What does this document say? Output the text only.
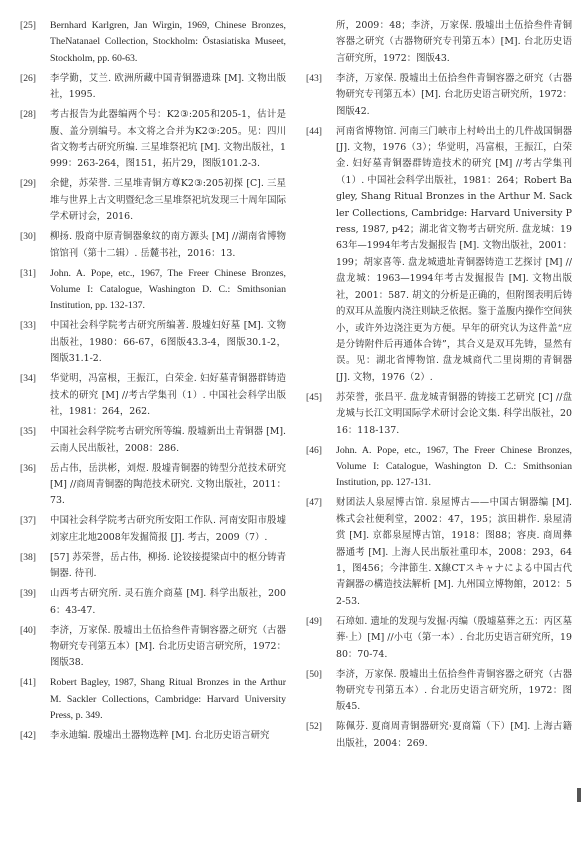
[25] Bernhard Karlgren, Jan Wirgin, 1969, Chinese Bronzes, TheNatanael Collection, Stockholm: Östasiatiska Museet, Stockholm, pp. 60-63.
[26] 李学勤，艾兰. 欧洲所藏中国青铜器遗珠 [M]. 文物出版社，1995.
[28] 考古报告为此器编两个号：K2③:205和205-1，估计是腹、盖分别编号。本文将之合并为K2③:205。见：四川省文物考古研究所编. 三星堆祭祀坑 [M]. 文物出版社，1999：263-264，图151，拓片29，图版101.2-3.
[29] 余健，苏荣誉. 三星堆青铜方尊K2③:205初探 [C]. 三星堆与世界上古文明暨纪念三星堆祭祀坑发现三十周年国际学术研讨会，2016.
[30] 柳扬. 殷商中原青铜器象纹的南方源头 [M] //湖南省博物馆馆刊（第十二辑）. 岳麓书社，2016：13.
[31] John. A. Pope, etc., 1967, The Freer Chinese Bronzes, Volume I: Catalogue, Washington D. C.: Smithsonian Institution, pp. 132-137.
[33] 中国社会科学院考古研究所编著. 殷墟妇好墓 [M]. 文物出版社，1980：66-67，6图版43.3-4，图版30.1-2，图版31.1-2.
[34] 华觉明，冯富根，王振江，白荣金. 妇好墓青铜器群铸造技术的研究 [M] //考古学集刊（1）. 中国社会科学出版社，1981：264，262.
[35] 中国社会科学院考古研究所等编. 殷墟新出土青铜器 [M]. 云南人民出版社，2008：286.
[36] 岳占伟，岳洪彬，刘煜. 殷墟青铜器的铸型分范技术研究 [M] //商周青铜器的陶范技术研究. 文物出版社，2011：73.
[37] 中国社会科学院考古研究所安阳工作队. 河南安阳市殷墟刘家庄北地2008年发掘简报 [J]. 考古，2009（7）.
[38] [57] 苏荣誉，岳占伟，柳扬. 论铰接提梁卣中的枢分铸青铜器. 待刊.
[39] 山西考古研究所. 灵石旌介商墓 [M]. 科学出版社，2006：43-47.
[40] 李济，万家保. 殷墟出土伍拾叁件青铜容器之研究（古器物研究专刊第五本）[M]. 台北历史语言研究所，1972：图版38.
[41] Robert Bagley, 1987, Shang Ritual Bronzes in the Arthur M. Sackler Collections, Cambridge: Harvard University Press, p. 349.
[42] 李永迪编. 殷墟出土器物选粹 [M]. 台北历史语言研究
所，2009：48；李济，万家保. 殷墟出土伍拾叁件青铜容器之研究（古器物研究专刊第五本）[M]. 台北历史语言研究所，1972：图版43.
[43] 李济，万家保. 殷墟出土伍拾叁件青铜容器之研究（古器物研究专刊第五本）[M]. 台北历史语言研究所，1972：图版42.
[44] 河南省博物馆. 河南三门峡市上村岭出土的几件战国铜器 [J]. 文物，1976（3）；华觉明，冯富根，王振江，白荣金. 妇好墓青铜器群铸造技术的研究 [M] //考古学集刊（1）. 中国社会科学出版社，1981：264；Robert Bagley, Shang Ritual Bronzes in the Arthur M. Sackler Collections, Cambridge: Harvard University Press, 1987, p42；湖北省文物考古研究所. 盘龙城：1963年—1994年考古发掘报告 [M]. 文物出版社，2001：199；胡家喜等. 盘龙城遗址青铜器铸造工艺探讨 [M] //盘龙城：1963—1994年考古发掘报告 [M]. 文物出版社，2001：587. 胡文的分析是正确的，但附图表明后铸的双耳从盖腹内浇注则缺乏依据。鉴于盖腹内操作空间狭小，或许外边浇注更为方便。早年的研究认为这件盖“应是分铸附件后再通体合铸”，其合义是双耳先铸，显然有误。见：湖北省博物馆. 盘龙城商代二里岗期的青铜器 [J]. 文物，1976（2）.
[45] 苏荣誉，张昌平. 盘龙城青铜器的铸接工艺研究 [C] //盘龙城与长江文明国际学术研讨会论文集. 科学出版社，2016：118-137.
[46] John. A. Pope, etc., 1967, The Freer Chinese Bronzes, Volume I: Catalogue, Washington D. C.: Smithsonian Institution, pp. 127-131.
[47] 财团法人泉屋博古馆. 泉屋博古——中国古铜器编 [M]. 株式会社便利堂，2002：47，195；滨田耕作. 泉屋清赏 [M]. 京都泉屋博古馆，1918：图88；容庚. 商周彝器通考 [M]. 上海人民出版社重印本，2008：293，641，图456；今津節生. X線CTスキャナによる中国古代青銅器の構造技法解析 [M]. 九州国立博物館，2012：52-53.
[49] 石璋如. 遗址的发现与发掘·丙编（殷墟墓葬之五：丙区墓葬·上）[M] //小屯（第一本）. 台北历史语言研究所，1980：70-74.
[50] 李济，万家保. 殷墟出土伍拾叁件青铜容器之研究（古器物研究专刊第五本）. 台北历史语言研究所，1972：图版45.
[52] 陈佩芬. 夏商周青铜器研究·夏商篇（下）[M]. 上海古籍出版社，2004：269.
